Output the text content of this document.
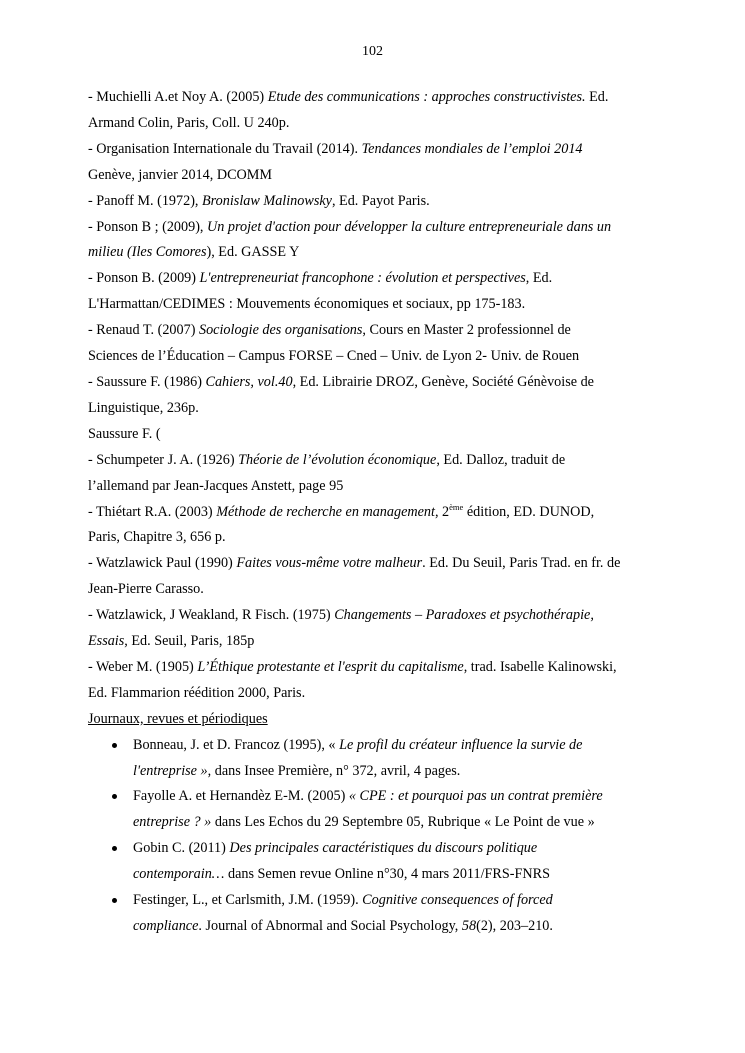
102
- Muchielli A.et Noy A. (2005) Etude des communications : approches constructivistes. Ed.
Armand Colin, Paris, Coll. U 240p.
- Organisation Internationale du Travail (2014). Tendances mondiales de l’emploi 2014
Genève, janvier 2014, DCOMM
- Panoff M. (1972), Bronislaw Malinowsky, Ed. Payot Paris.
- Ponson B ; (2009), Un projet d'action pour développer la culture entrepreneuriale dans un
milieu (Iles Comores), Ed. GASSE Y
- Ponson B. (2009) L'entrepreneuriat francophone : évolution et perspectives, Ed.
L'Harmattan/CEDIMES : Mouvements économiques et sociaux, pp 175-183.
- Renaud T. (2007) Sociologie des organisations, Cours en Master 2 professionnel de
Sciences de l’Éducation – Campus FORSE – Cned – Univ. de Lyon 2- Univ. de Rouen
- Saussure F. (1986) Cahiers, vol.40, Ed. Librairie DROZ, Genève, Société Génèvoise de
Linguistique, 236p.
Saussure F. (
- Schumpeter J. A. (1926) Théorie de l’évolution économique, Ed. Dalloz, traduit de
l’allemand par Jean-Jacques Anstett, page 95
- Thiétart R.A. (2003) Méthode de recherche en management, 2ème édition, ED. DUNOD,
Paris, Chapitre 3, 656 p.
- Watzlawick Paul (1990) Faites vous-même votre malheur. Ed. Du Seuil, Paris Trad. en fr. de
Jean-Pierre Carasso.
- Watzlawick, J Weakland, R Fisch. (1975) Changements – Paradoxes et psychothérapie,
Essais, Ed. Seuil, Paris, 185p
- Weber M. (1905) L’Éthique protestante et l'esprit du capitalisme, trad. Isabelle Kalinowski,
Ed. Flammarion réédition 2000, Paris.
Journaux, revues et périodiques
Bonneau, J. et D. Francoz (1995), « Le profil du créateur influence la survie de
l'entreprise », dans Insee Première, n° 372, avril, 4 pages.
Fayolle A. et Hernandèz E-M. (2005) « CPE : et pourquoi pas un contrat première
entreprise ? » dans Les Echos du 29 Septembre 05, Rubrique « Le Point de vue »
Gobin C. (2011) Des principales caractéristiques du discours politique
contemporain… dans Semen revue Online n°30, 4 mars 2011/FRS-FNRS
Festinger, L., et Carlsmith, J.M. (1959). Cognitive consequences of forced
compliance. Journal of Abnormal and Social Psychology, 58(2), 203–210.
